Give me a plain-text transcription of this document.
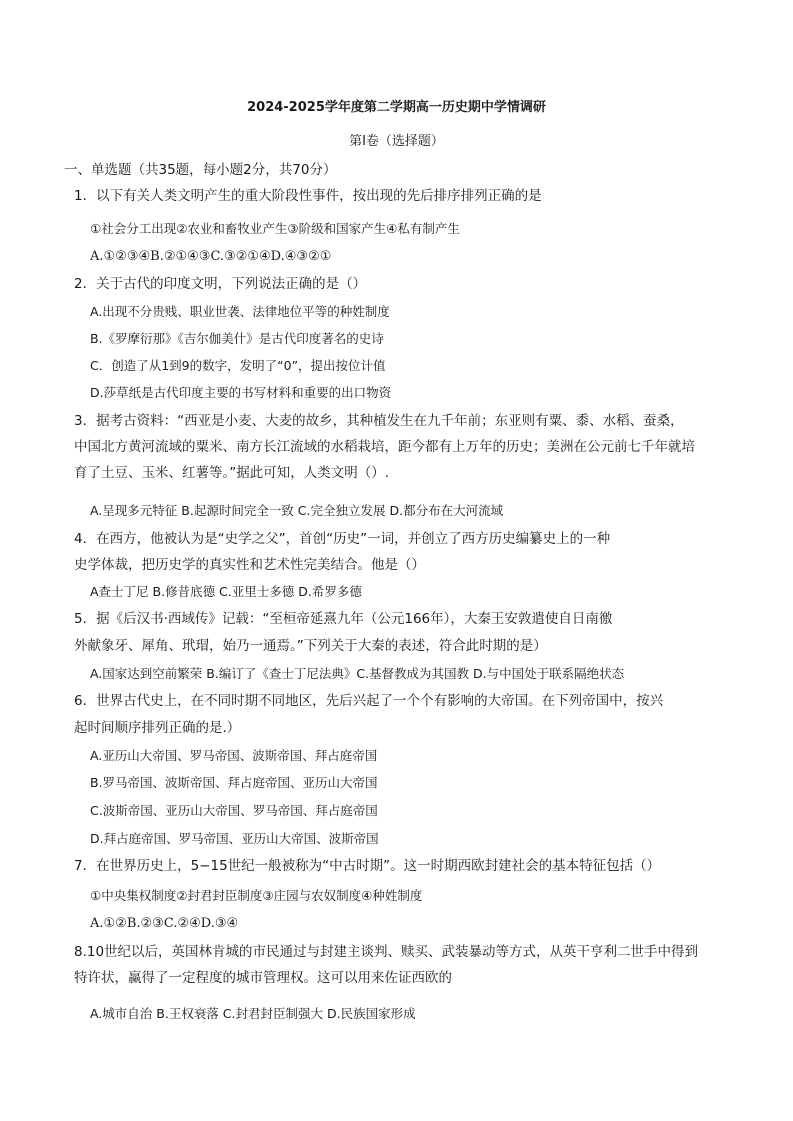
2024-2025学年度第二学期高一历史期中学情调研
第Ⅰ卷（选择题）
一、单选题（共35题，每小题2分，共70分）
1．以下有关人类文明产生的重大阶段性事件，按出现的先后排序排列正确的是
①社会分工出现②农业和畜牧业产生③阶级和国家产生④私有制产生
A.①②③④B.②①④③C.③②①④D.④③②①
2．关于古代的印度文明，下列说法正确的是（）
A.出现不分贵贱、职业世袭、法律地位平等的种姓制度
B.《罗摩衍那》《吉尔伽美什》是古代印度著名的史诗
C．创造了从1到9的数字，发明了“0”，提出按位计值
D.莎草纸是古代印度主要的书写材料和重要的出口物资
3．据考古资料：“西亚是小麦、大麦的故乡，其种植发生在九千年前；东亚则有粟、黍、水稻、蚕桑，
中国北方黄河流域的粟米、南方长江流域的水稻栽培，距今都有上万年的历史；美洲在公元前七千年就培
育了土豆、玉米、红薯等。”据此可知，人类文明（）.
A.呈现多元特征 B.起源时间完全一致 C.完全独立发展 D.都分布在大河流域
4．在西方，他被认为是“史学之父”，首创“历史”一词，并创立了西方历史编纂史上的一种
史学体裁，把历史学的真实性和艺术性完美结合。他是（）
A查士丁尼 B.修昔底德 C.亚里士多德 D.希罗多德
5．据《后汉书·西域传》记载：“至桓帝延熹九年（公元166年），大秦王安敦遣使自日南徼
外献象牙、犀角、玳瑁，始乃一通焉。”下列关于大秦的表述，符合此时期的是）
A.国家达到空前繁荣 B.编订了《查士丁尼法典》C.基督教成为其国教 D.与中国处于联系隔绝状态
6．世界古代史上，在不同时期不同地区，先后兴起了一个个有影响的大帝国。在下列帝国中，按兴
起时间顺序排列正确的是.）
A.亚历山大帝国、罗马帝国、波斯帝国、拜占庭帝国
B.罗马帝国、波斯帝国、拜占庭帝国、亚历山大帝国
C.波斯帝国、亚历山大帝国、罗马帝国、拜占庭帝国
D.拜占庭帝国、罗马帝国、亚历山大帝国、波斯帝国
7．在世界历史上，5−15世纪一般被称为“中古时期”。这一时期西欧封建社会的基本特征包括（）
①中央集权制度②封君封臣制度③庄园与农奴制度④种姓制度
A.①②B.②③C.②④D.③④
8.10世纪以后，英国林肯城的市民通过与封建主谈判、赎买、武装暴动等方式，从英干亨利二世手中得到
特许状，赢得了一定程度的城市管理权。这可以用来佐证西欧的
A.城市自治 B.王权衰落 C.封君封臣制强大 D.民族国家形成
